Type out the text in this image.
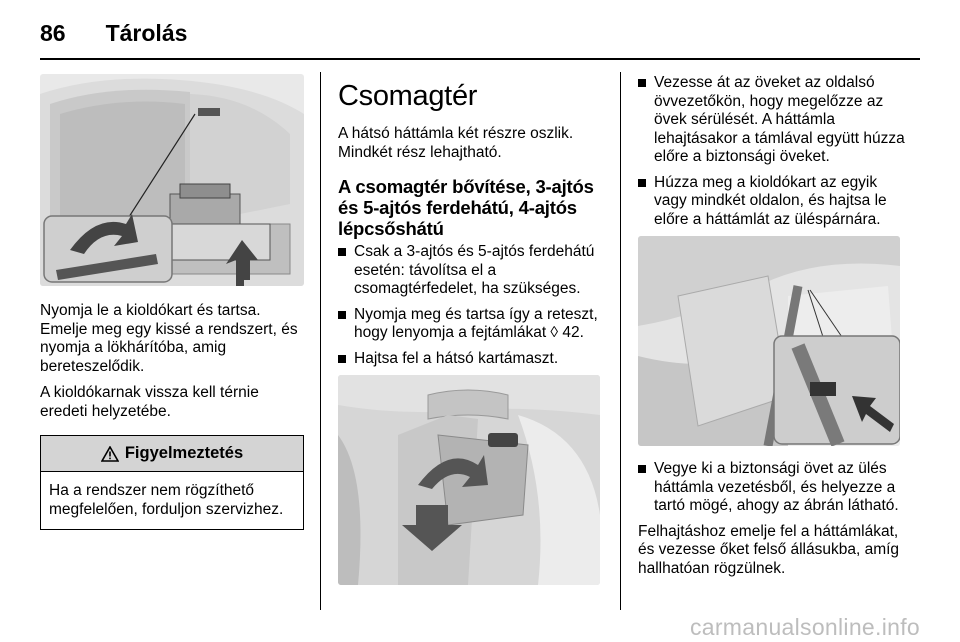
86 Tárolás

Nyomja le a kioldókart és tartsa. Emelje meg egy kissé a rendszert, és nyomja a lökhárítóba, amig bereteszelődik.

A kioldókarnak vissza kell térnie eredeti helyzetébe.

Figyelmeztetés
Ha a rendszer nem rögzíthető megfelelően, forduljon szervizhez.
Csomagtér

A hátsó háttámla két részre oszlik. Mindkét rész lehajtható.

A csomagtér bővítése, 3-ajtós és 5-ajtós ferdehátú, 4-ajtós lépcsőshátú
Csak a 3-ajtós és 5-ajtós ferdehátú esetén: távolítsa el a csomagtérfedelet, ha szükséges.
Nyomja meg és tartsa így a reteszt, hogy lenyomja a fejtámlákat ◊ 42.
Hajtsa fel a hátsó kartámaszt.
Vezesse át az öveket az oldalsó övvezetőkön, hogy megelőzze az övek sérülését. A háttámla lehajtásakor a támlával együtt húzza előre a biztonsági öveket.
Húzza meg a kioldókart az egyik vagy mindkét oldalon, és hajtsa le előre a háttámlát az üléspárnára.
Vegye ki a biztonsági övet az ülés háttámla vezetésből, és helyezze a tartó mögé, ahogy az ábrán látható.

Felhajtáshoz emelje fel a háttámlákat, és vezesse őket felső állásukba, amíg hallhatóan rögzülnek.

carmanualsonline.info
